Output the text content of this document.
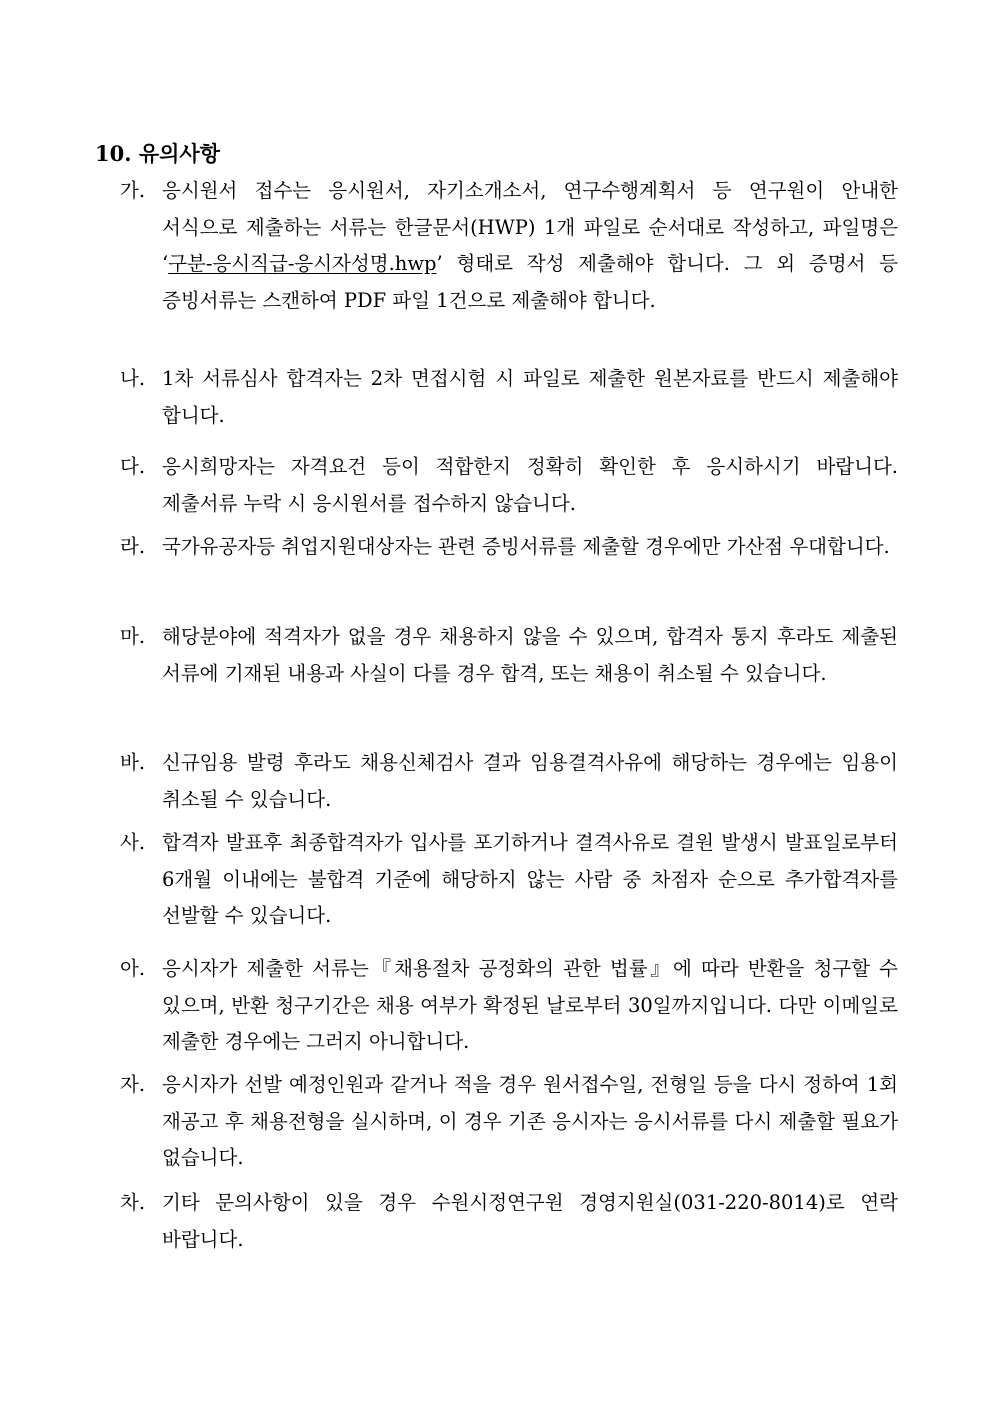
10. 유의사항
가. 응시원서 접수는 응시원서, 자기소개소서, 연구수행계획서 등 연구원이 안내한 서식으로 제출하는 서류는 한글문서(HWP) 1개 파일로 순서대로 작성하고, 파일명은 ‘구분-응시직급-응시자성명.hwp’ 형태로 작성 제출해야 합니다. 그 외 증명서 등 증빙서류는 스캔하여 PDF 파일 1건으로 제출해야 합니다.
나. 1차 서류심사 합격자는 2차 면접시험 시 파일로 제출한 원본자료를 반드시 제출해야 합니다.
다. 응시희망자는 자격요건 등이 적합한지 정확히 확인한 후 응시하시기 바랍니다. 제출서류 누락 시 응시원서를 접수하지 않습니다.
라. 국가유공자등 취업지원대상자는 관련 증빙서류를 제출할 경우에만 가산점 우대합니다.
마. 해당분야에 적격자가 없을 경우 채용하지 않을 수 있으며, 합격자 통지 후라도 제출된 서류에 기재된 내용과 사실이 다를 경우 합격, 또는 채용이 취소될 수 있습니다.
바. 신규임용 발령 후라도 채용신체검사 결과 임용결격사유에 해당하는 경우에는 임용이 취소될 수 있습니다.
사. 합격자 발표후 최종합격자가 입사를 포기하거나 결격사유로 결원 발생시 발표일로부터 6개월 이내에는 불합격 기준에 해당하지 않는 사람 중 차점자 순으로 추가합격자를 선발할 수 있습니다.
아. 응시자가 제출한 서류는『채용절차 공정화의 관한 법률』에 따라 반환을 청구할 수 있으며, 반환 청구기간은 채용 여부가 확정된 날로부터 30일까지입니다. 다만 이메일로 제출한 경우에는 그러지 아니합니다.
자. 응시자가 선발 예정인원과 같거나 적을 경우 원서접수일, 전형일 등을 다시 정하여 1회 재공고 후 채용전형을 실시하며, 이 경우 기존 응시자는 응시서류를 다시 제출할 필요가 없습니다.
차. 기타 문의사항이 있을 경우 수원시정연구원 경영지원실(031-220-8014)로 연락 바랍니다.
